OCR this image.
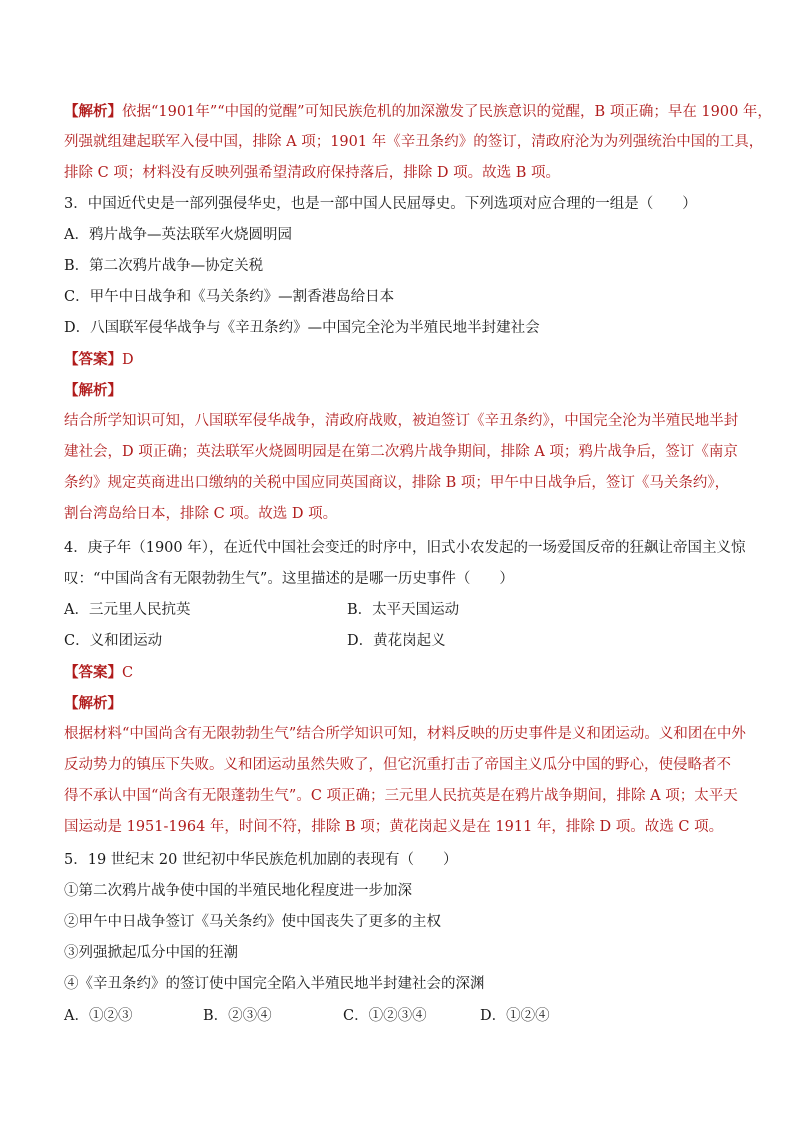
【解析】依据“1901年”“中国的觉醒”可知民族危机的加深激发了民族意识的觉醒，B 项正确；早在 1900 年，
列强就组建起联军入侵中国，排除 A 项；1901 年《辛丑条约》的签订，清政府沦为为列强统治中国的工具，
排除 C 项；材料没有反映列强希望清政府保持落后，排除 D 项。故选 B 项。
3．中国近代史是一部列强侵华史，也是一部中国人民屈辱史。下列选项对应合理的一组是（　　）
A．鸦片战争—英法联军火烧圆明园
B．第二次鸦片战争—协定关税
C．甲午中日战争和《马关条约》—割香港岛给日本
D．八国联军侵华战争与《辛丑条约》—中国完全沦为半殖民地半封建社会
【答案】D
【解析】
结合所学知识可知，八国联军侵华战争，清政府战败，被迫签订《辛丑条约》，中国完全沦为半殖民地半封
建社会，D 项正确；英法联军火烧圆明园是在第二次鸦片战争期间，排除 A 项；鸦片战争后，签订《南京
条约》规定英商进出口缴纳的关税中国应同英国商议，排除 B 项；甲午中日战争后，签订《马关条约》，
割台湾岛给日本，排除 C 项。故选 D 项。
4．庚子年（1900 年），在近代中国社会变迁的时序中，旧式小农发起的一场爱国反帝的狂飙让帝国主义惊
叹：“中国尚含有无限勃勃生气”。这里描述的是哪一历史事件（　　）
A．三元里人民抗英	B．太平天国运动
C．义和团运动	D．黄花岗起义
【答案】C
【解析】
根据材料“中国尚含有无限勃勃生气”结合所学知识可知，材料反映的历史事件是义和团运动。义和团在中外
反动势力的镇压下失败。义和团运动虽然失败了，但它沉重打击了帝国主义瓜分中国的野心，使侵略者不
得不承认中国“尚含有无限蓬勃生气”。C 项正确；三元里人民抗英是在鸦片战争期间，排除 A 项；太平天
国运动是 1951-1964 年，时间不符，排除 B 项；黄花岗起义是在 1911 年，排除 D 项。故选 C 项。
5．19 世纪末 20 世纪初中华民族危机加剧的表现有（　　）
①第二次鸦片战争使中国的半殖民地化程度进一步加深
②甲午中日战争签订《马关条约》使中国丧失了更多的主权
③列强掀起瓜分中国的狂潮
④《辛丑条约》的签订使中国完全陷入半殖民地半封建社会的深渊
A．①②③	B．②③④	C．①②③④	D．①②④
